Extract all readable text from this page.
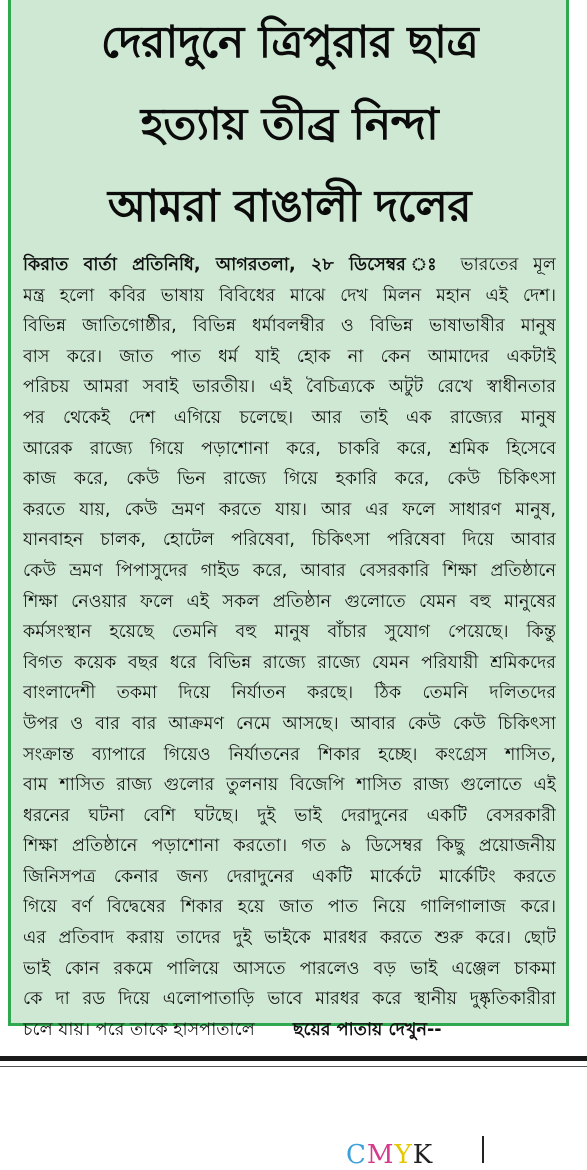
দেরাদুনে ত্রিপুরার ছাত্র
হত্যায় তীব্র নিন্দা
আমরা বাঙালী দলের
কিরাত বার্তা প্রতিনিধি, আগরতলা, ২৮ ডিসেম্বর ঃ ভারতের মূল
মন্ত্র হলো কবির ভাষায় বিবিধের মাঝে দেখ মিলন মহান এই দেশ।
বিভিন্ন জাতিগোষ্ঠীর, বিভিন্ন ধর্মাবলম্বীর ও বিভিন্ন ভাষাভাষীর মানুষ
বাস করে। জাত পাত ধর্ম যাই হোক না কেন আমাদের একটাই
পরিচয় আমরা সবাই ভারতীয়। এই বৈচিত্র্যকে অটুট রেখে স্বাধীনতার
পর থেকেই দেশ এগিয়ে চলেছে। আর তাই এক রাজ্যের মানুষ
আরেক রাজ্যে গিয়ে পড়াশোনা করে, চাকরি করে, শ্রমিক হিসেবে
কাজ করে, কেউ ভিন রাজ্যে গিয়ে হকারি করে, কেউ চিকিৎসা
করতে যায়, কেউ ভ্রমণ করতে যায়। আর এর ফলে সাধারণ মানুষ,
যানবাহন চালক, হোটেল পরিষেবা, চিকিৎসা পরিষেবা দিয়ে আবার
কেউ ভ্রমণ পিপাসুদের গাইড করে, আবার বেসরকারি শিক্ষা প্রতিষ্ঠানে
শিক্ষা নেওয়ার ফলে এই সকল প্রতিষ্ঠান গুলোতে যেমন বহু মানুষের
কর্মসংস্থান হয়েছে তেমনি বহু মানুষ বাঁচার সুযোগ পেয়েছে। কিন্তু
বিগত কয়েক বছর ধরে বিভিন্ন রাজ্যে রাজ্যে যেমন পরিযায়ী শ্রমিকদের
বাংলাদেশী তকমা দিয়ে নির্যাতন করছে। ঠিক তেমনি দলিতদের
উপর ও বার বার আক্রমণ নেমে আসছে। আবার কেউ কেউ চিকিৎসা
সংক্রান্ত ব্যাপারে গিয়েও নির্যাতনের শিকার হচ্ছে। কংগ্রেস শাসিত,
বাম শাসিত রাজ্য গুলোর তুলনায় বিজেপি শাসিত রাজ্য গুলোতে এই
ধরনের ঘটনা বেশি ঘটছে। দুই ভাই দেরাদুনের একটি বেসরকারী
শিক্ষা প্রতিষ্ঠানে পড়াশোনা করতো। গত ৯ ডিসেম্বর কিছু প্রয়োজনীয়
জিনিসপত্র কেনার জন্য দেরাদুনের একটি মার্কেটে মার্কেটিং করতে
গিয়ে বর্ণ বিদ্বেষের শিকার হয়ে জাত পাত নিয়ে গালিগালাজ করে।
এর প্রতিবাদ করায় তাদের দুই ভাইকে মারধর করতে শুরু করে। ছোট
ভাই কোন রকমে পালিয়ে আসতে পারলেও বড় ভাই এঞ্জেল চাকমা
কে দা রড দিয়ে এলোপাতাড়ি ভাবে মারধর করে স্থানীয় দুষ্কৃতিকারীরা
চলে যায়। পরে তাকে হাসপাতালে ছয়ের পাতায় দেখুন--
CMYK
